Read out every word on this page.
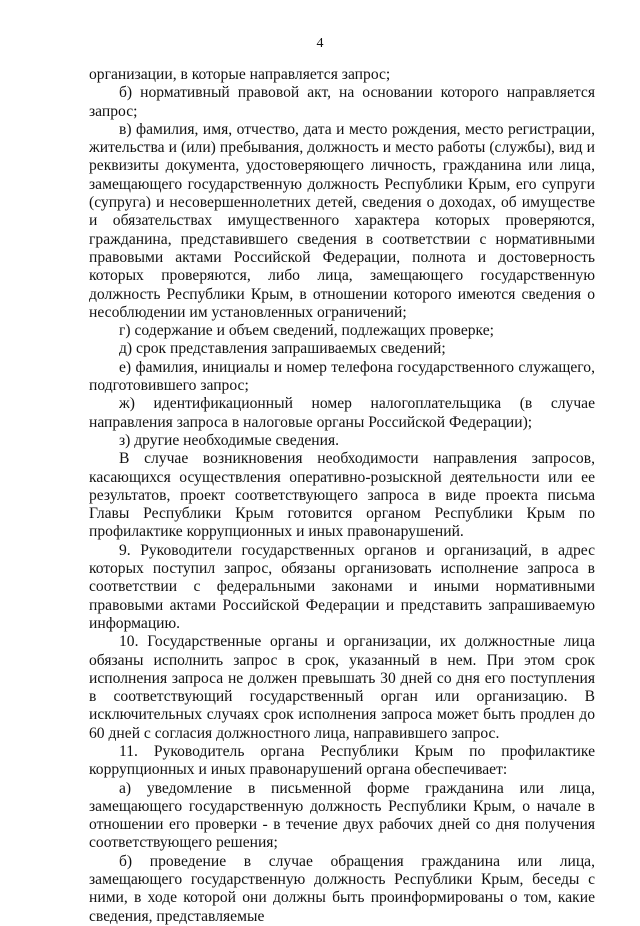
4

организации, в которые направляется запрос;

б) нормативный правовой акт, на основании которого направляется запрос;

в) фамилия, имя, отчество, дата и место рождения, место регистрации, жительства и (или) пребывания, должность и место работы (службы), вид и реквизиты документа, удостоверяющего личность, гражданина или лица, замещающего государственную должность Республики Крым, его супруги (супруга) и несовершеннолетних детей, сведения о доходах, об имуществе и обязательствах имущественного характера которых проверяются, гражданина, представившего сведения в соответствии с нормативными правовыми актами Российской Федерации, полнота и достоверность которых проверяются, либо лица, замещающего государственную должность Республики Крым, в отношении которого имеются сведения о несоблюдении им установленных ограничений;

г) содержание и объем сведений, подлежащих проверке;

д) срок представления запрашиваемых сведений;

е) фамилия, инициалы и номер телефона государственного служащего, подготовившего запрос;

ж) идентификационный номер налогоплательщика (в случае направления запроса в налоговые органы Российской Федерации);

з) другие необходимые сведения.

В случае возникновения необходимости направления запросов, касающихся осуществления оперативно-розыскной деятельности или ее результатов, проект соответствующего запроса в виде проекта письма Главы Республики Крым готовится органом Республики Крым по профилактике коррупционных и иных правонарушений.

9. Руководители государственных органов и организаций, в адрес которых поступил запрос, обязаны организовать исполнение запроса в соответствии с федеральными законами и иными нормативными правовыми актами Российской Федерации и представить запрашиваемую информацию.

10. Государственные органы и организации, их должностные лица обязаны исполнить запрос в срок, указанный в нем. При этом срок исполнения запроса не должен превышать 30 дней со дня его поступления в соответствующий государственный орган или организацию. В исключительных случаях срок исполнения запроса может быть продлен до 60 дней с согласия должностного лица, направившего запрос.

11. Руководитель органа Республики Крым по профилактике коррупционных и иных правонарушений органа обеспечивает:

а) уведомление в письменной форме гражданина или лица, замещающего государственную должность Республики Крым, о начале в отношении его проверки - в течение двух рабочих дней со дня получения соответствующего решения;

б) проведение в случае обращения гражданина или лица, замещающего государственную должность Республики Крым, беседы с ними, в ходе которой они должны быть проинформированы о том, какие сведения, представляемые
